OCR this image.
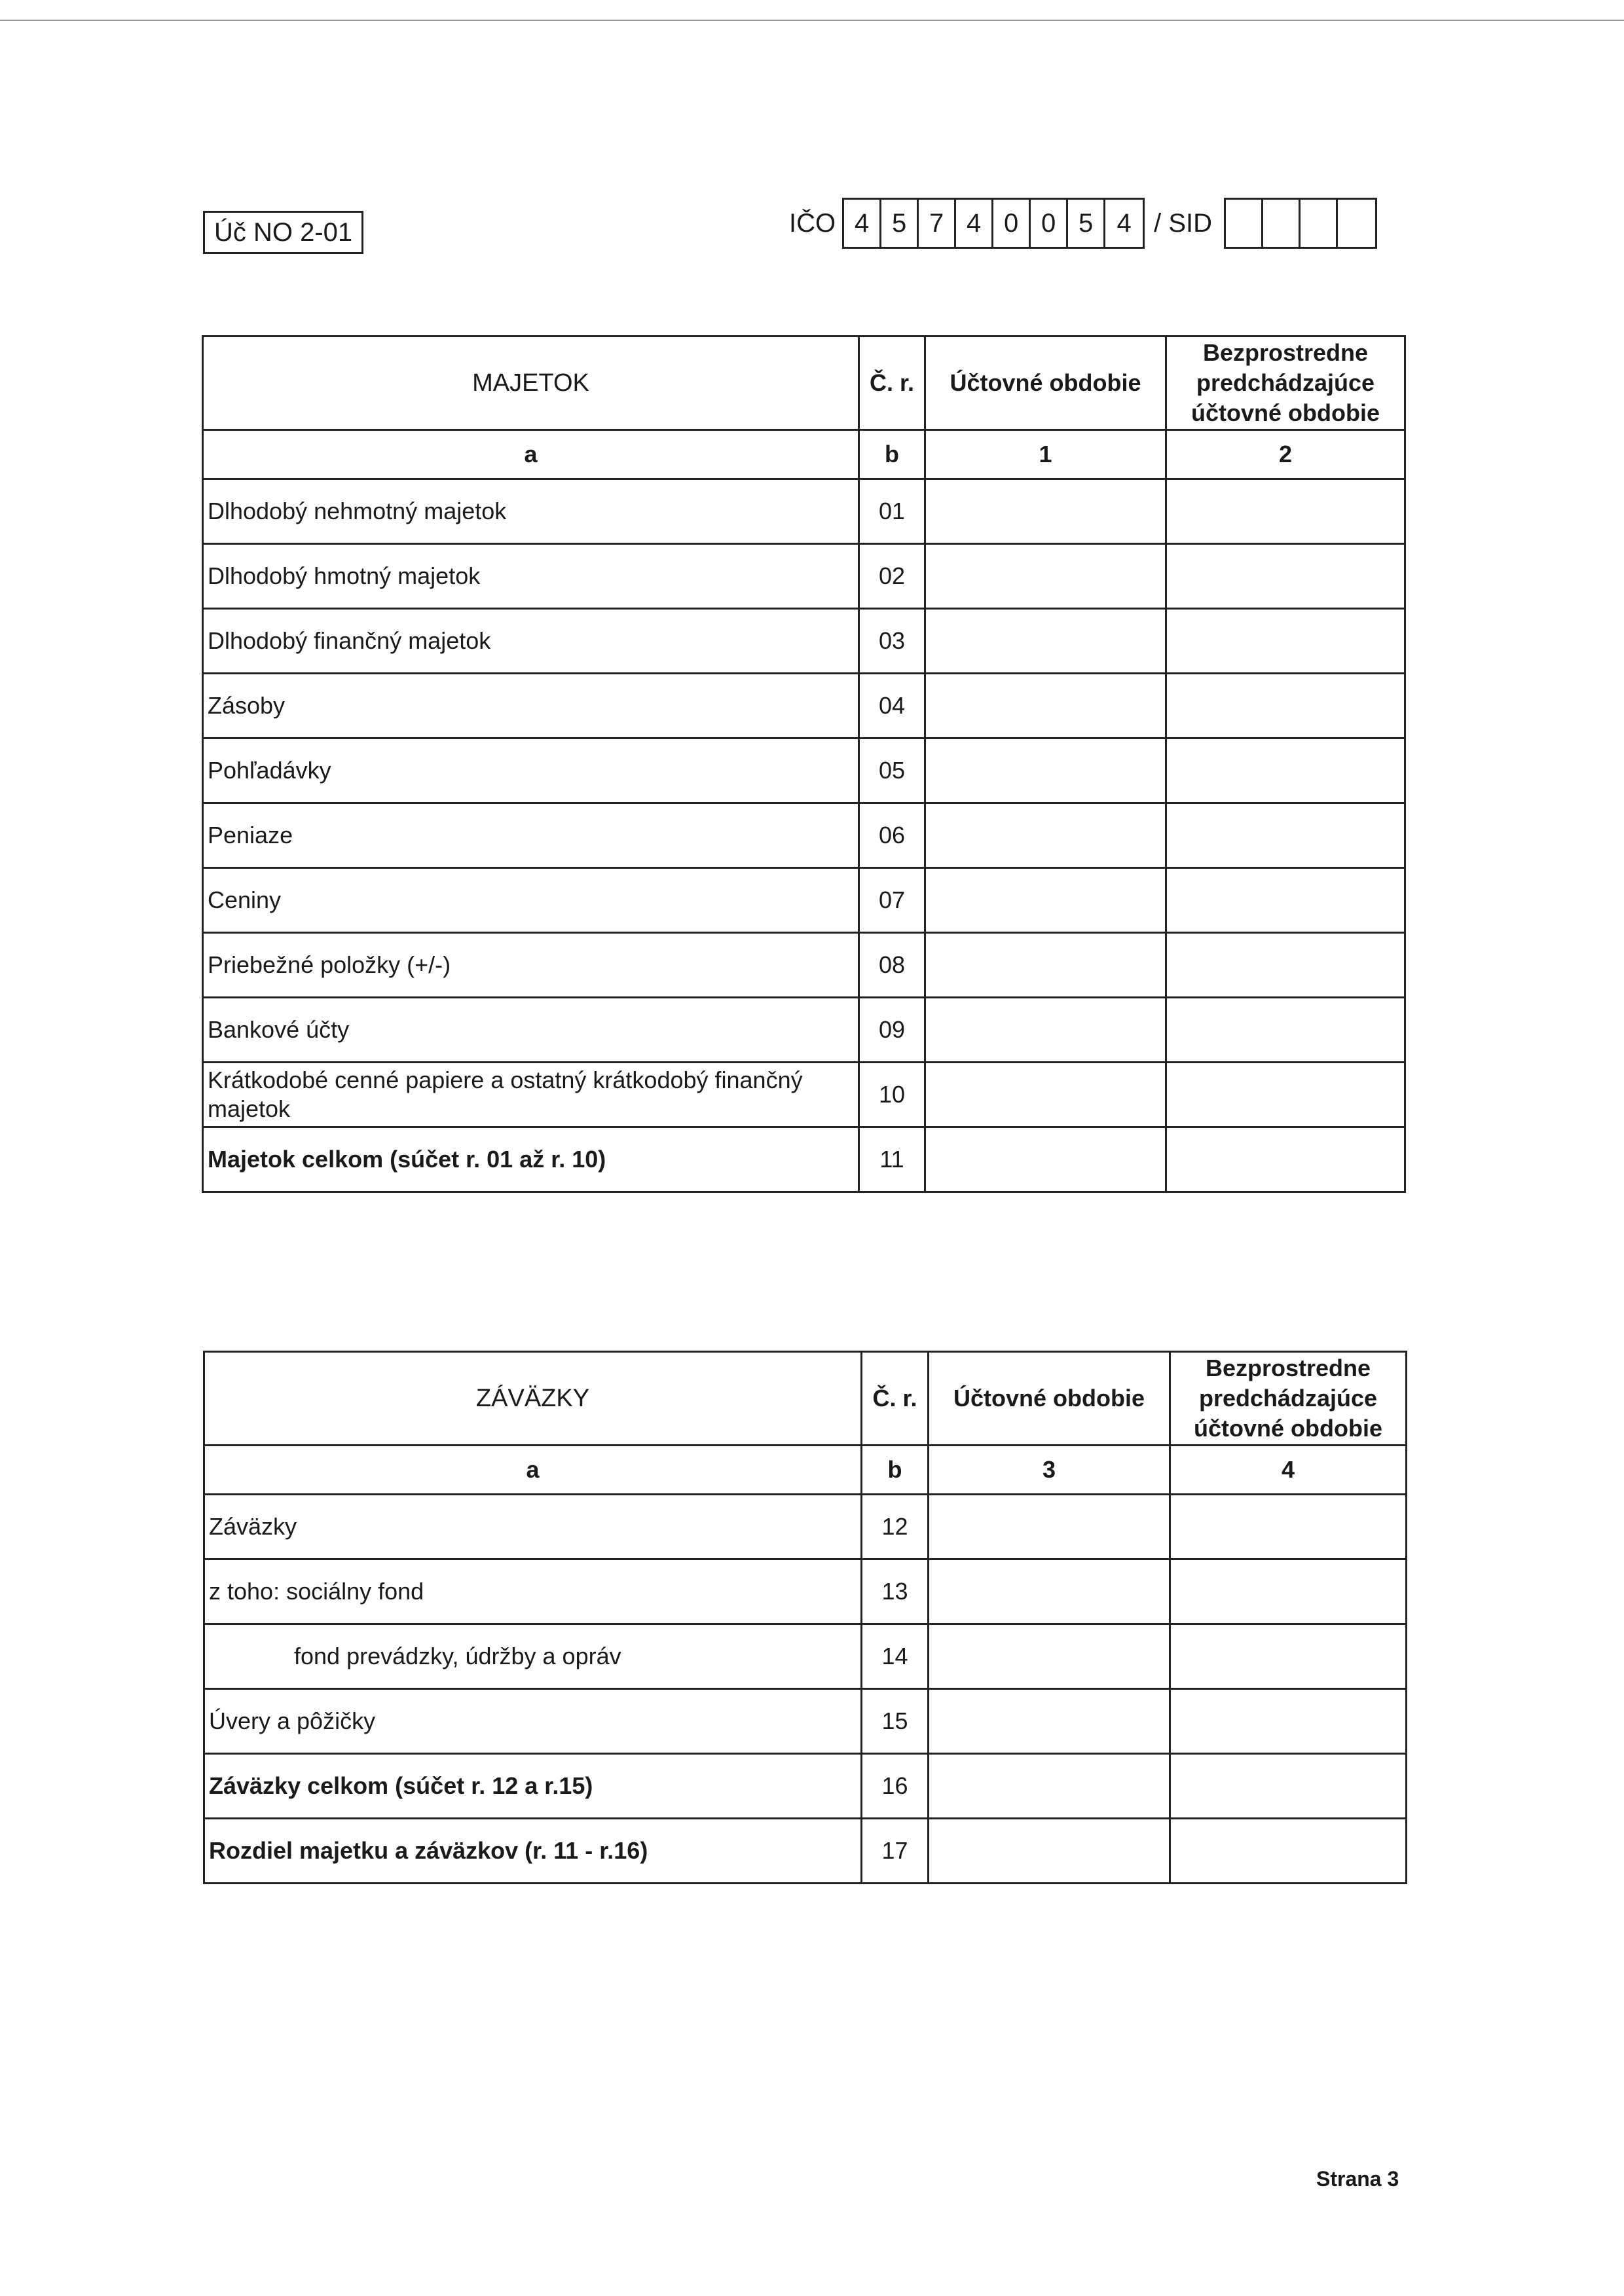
Úč NO 2-01	IČO 4 5 7 4 0 0 5 4 / SID
MAJETOK	Č. r.	Účtovné obdobie	Bezprostredne
predchádzajúce
účtovné obdobie

a	b	1	2
Dlhodobý nehmotný majetok	01		
Dlhodobý hmotný majetok	02		
Dlhodobý finančný majetok	03		
Zásoby	04		
Pohľadávky	05		
Peniaze	06		
Ceniny	07		
Priebežné položky (+/-)	08		
Bankové účty	09		
Krátkodobé cenné papiere a ostatný krátkodobý finančný majetok	10		
Majetok celkom (súčet r. 01 až r. 10)	11		
ZÁVÄZKY	Č. r.	Účtovné obdobie	Bezprostredne
predchádzajúce
účtovné obdobie

a	b	3	4
Záväzky	12		
z toho: sociálny fond	13		
fond prevádzky, údržby a opráv	14		
Úvery a pôžičky	15		
Záväzky celkom (súčet r. 12 a r.15)	16		
Rozdiel majetku a záväzkov (r. 11 - r.16)	17		
Strana 3
